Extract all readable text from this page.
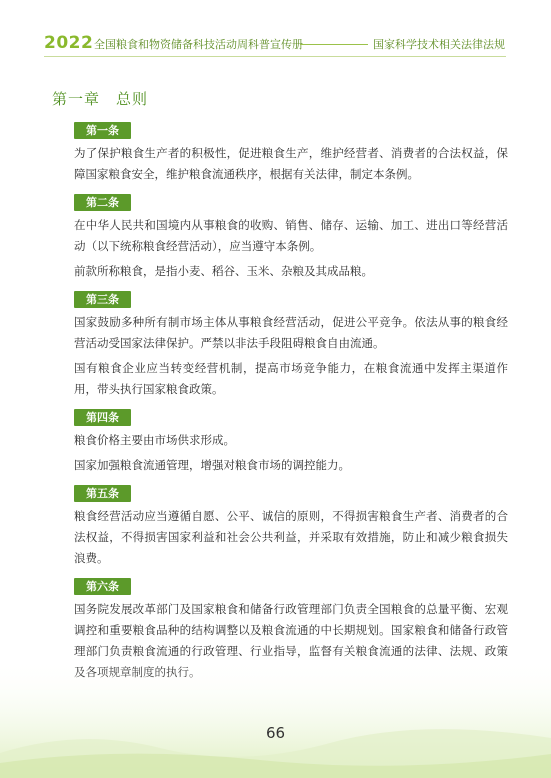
2022 全国粮食和物资储备科技活动周科普宣传册	国家科学技术相关法律法规
第一章　总则
第一条

为了保护粮食生产者的积极性，促进粮食生产，维护经营者、消费者的合法权益，保障国家粮食安全，维护粮食流通秩序，根据有关法律，制定本条例。

第二条

在中华人民共和国境内从事粮食的收购、销售、储存、运输、加工、进出口等经营活动（以下统称粮食经营活动），应当遵守本条例。

前款所称粮食，是指小麦、稻谷、玉米、杂粮及其成品粮。

第三条

国家鼓励多种所有制市场主体从事粮食经营活动，促进公平竞争。依法从事的粮食经营活动受国家法律保护。严禁以非法手段阻碍粮食自由流通。

国有粮食企业应当转变经营机制，提高市场竞争能力，在粮食流通中发挥主渠道作用，带头执行国家粮食政策。

第四条

粮食价格主要由市场供求形成。

国家加强粮食流通管理，增强对粮食市场的调控能力。

第五条

粮食经营活动应当遵循自愿、公平、诚信的原则，不得损害粮食生产者、消费者的合法权益，不得损害国家利益和社会公共利益，并采取有效措施，防止和减少粮食损失浪费。

第六条

国务院发展改革部门及国家粮食和储备行政管理部门负责全国粮食的总量平衡、宏观调控和重要粮食品种的结构调整以及粮食流通的中长期规划。国家粮食和储备行政管理部门负责粮食流通的行政管理、行业指导，监督有关粮食流通的法律、法规、政策

66
